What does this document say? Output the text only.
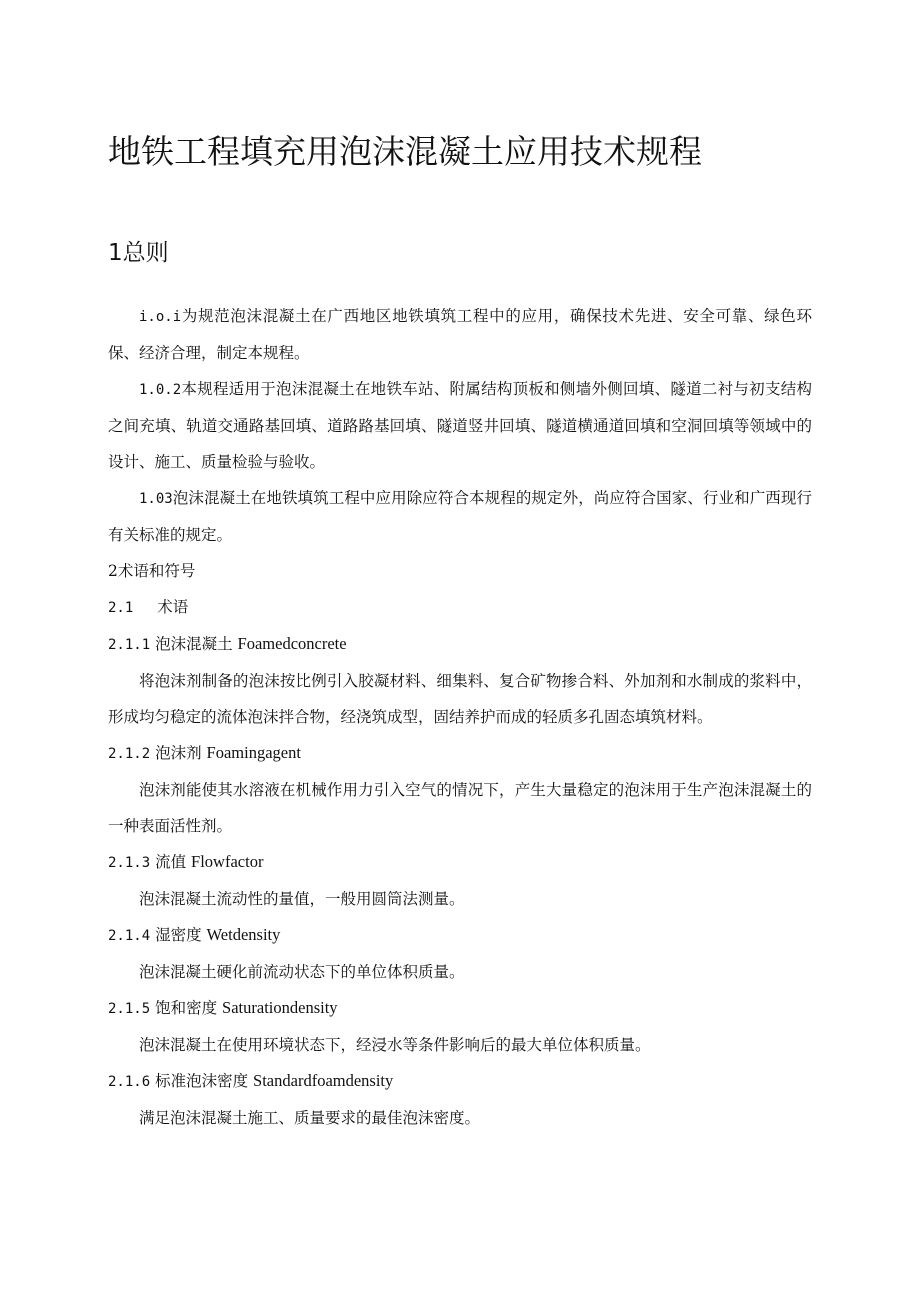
地铁工程填充用泡沫混凝土应用技术规程
1总则

i.o.i为规范泡沫混凝土在广西地区地铁填筑工程中的应用，确保技术先进、安全可靠、绿色环保、经济合理，制定本规程。

1.0.2本规程适用于泡沫混凝土在地铁车站、附属结构顶板和侧墙外侧回填、隧道二衬与初支结构之间充填、轨道交通路基回填、道路路基回填、隧道竖井回填、隧道横通道回填和空洞回填等领域中的设计、施工、质量检验与验收。

1.03泡沫混凝土在地铁填筑工程中应用除应符合本规程的规定外，尚应符合国家、行业和广西现行有关标准的规定。

2术语和符号

2.1 术语

2.1.1 泡沫混凝土 Foamedconcrete

将泡沫剂制备的泡沫按比例引入胶凝材料、细集料、复合矿物掺合料、外加剂和水制成的浆料中，形成均匀稳定的流体泡沫拌合物，经浇筑成型，固结养护而成的轻质多孔固态填筑材料。

2.1.2 泡沫剂 Foamingagent

泡沫剂能使其水溶液在机械作用力引入空气的情况下，产生大量稳定的泡沫用于生产泡沫混凝土的一种表面活性剂。

2.1.3 流值 Flowfactor

泡沫混凝土流动性的量值，一般用圆筒法测量。

2.1.4 湿密度 Wetdensity

泡沫混凝土硬化前流动状态下的单位体积质量。

2.1.5 饱和密度 Saturationdensity

泡沫混凝土在使用环境状态下，经浸水等条件影响后的最大单位体积质量。

2.1.6 标准泡沫密度 Standardfoamdensity

满足泡沫混凝土施工、质量要求的最佳泡沫密度。
